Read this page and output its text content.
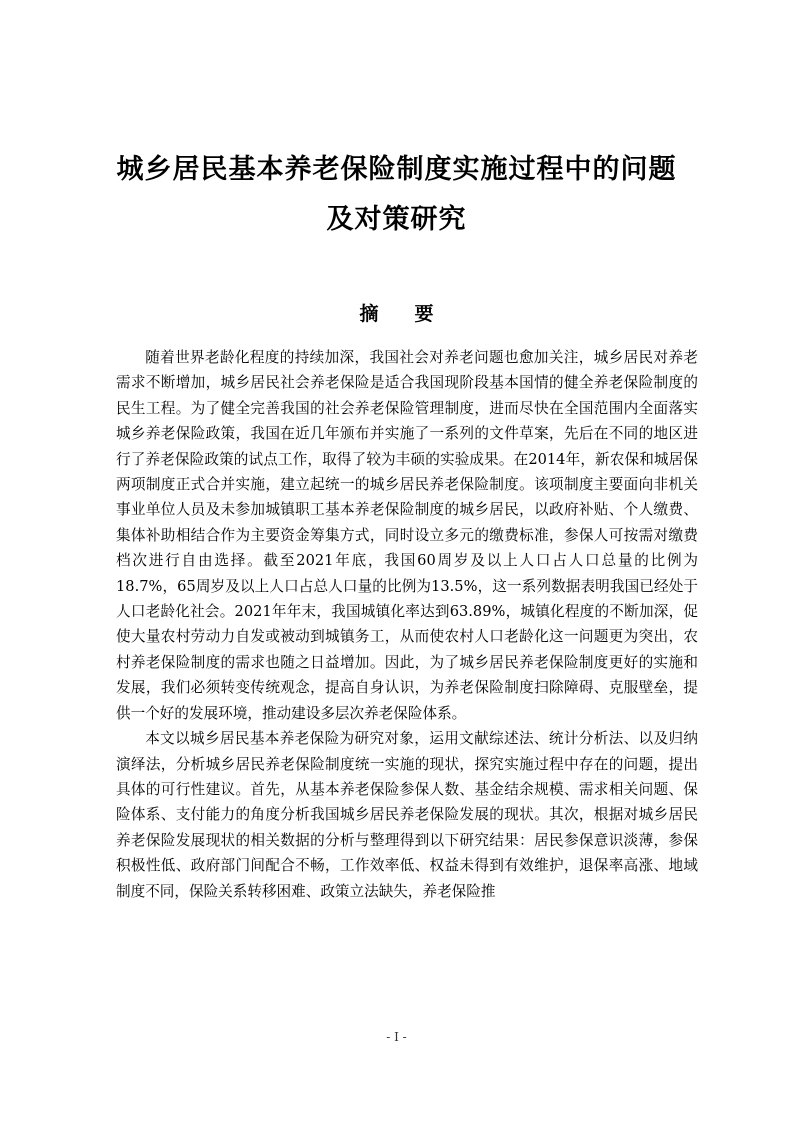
城乡居民基本养老保险制度实施过程中的问题
及对策研究
摘 要

随着世界老龄化程度的持续加深，我国社会对养老问题也愈加关注，城乡居民对养老需求不断增加，城乡居民社会养老保险是适合我国现阶段基本国情的健全养老保险制度的民生工程。为了健全完善我国的社会养老保险管理制度，进而尽快在全国范围内全面落实城乡养老保险政策，我国在近几年颁布并实施了一系列的文件草案，先后在不同的地区进行了养老保险政策的试点工作，取得了较为丰硕的实验成果。在2014年，新农保和城居保两项制度正式合并实施，建立起统一的城乡居民养老保险制度。该项制度主要面向非机关事业单位人员及未参加城镇职工基本养老保险制度的城乡居民，以政府补贴、个人缴费、集体补助相结合作为主要资金筹集方式，同时设立多元的缴费标准，参保人可按需对缴费档次进行自由选择。截至2021年底，我国60周岁及以上人口占人口总量的比例为18.7%，65周岁及以上人口占总人口量的比例为13.5%，这一系列数据表明我国已经处于人口老龄化社会。2021年年末，我国城镇化率达到63.89%，城镇化程度的不断加深，促使大量农村劳动力自发或被动到城镇务工，从而使农村人口老龄化这一问题更为突出，农村养老保险制度的需求也随之日益增加。因此，为了城乡居民养老保险制度更好的实施和发展，我们必须转变传统观念，提高自身认识，为养老保险制度扫除障碍、克服壁垒，提供一个好的发展环境，推动建设多层次养老保险体系。

本文以城乡居民基本养老保险为研究对象，运用文献综述法、统计分析法、以及归纳演绎法，分析城乡居民养老保险制度统一实施的现状，探究实施过程中存在的问题，提出具体的可行性建议。首先，从基本养老保险参保人数、基金结余规模、需求相关问题、保险体系、支付能力的角度分析我国城乡居民养老保险发展的现状。其次，根据对城乡居民养老保险发展现状的相关数据的分析与整理得到以下研究结果：居民参保意识淡薄，参保积极性低、政府部门间配合不畅，工作效率低、权益未得到有效维护，退保率高涨、地域制度不同，保险关系转移困难、政策立法缺失，养老保险推

- I -
